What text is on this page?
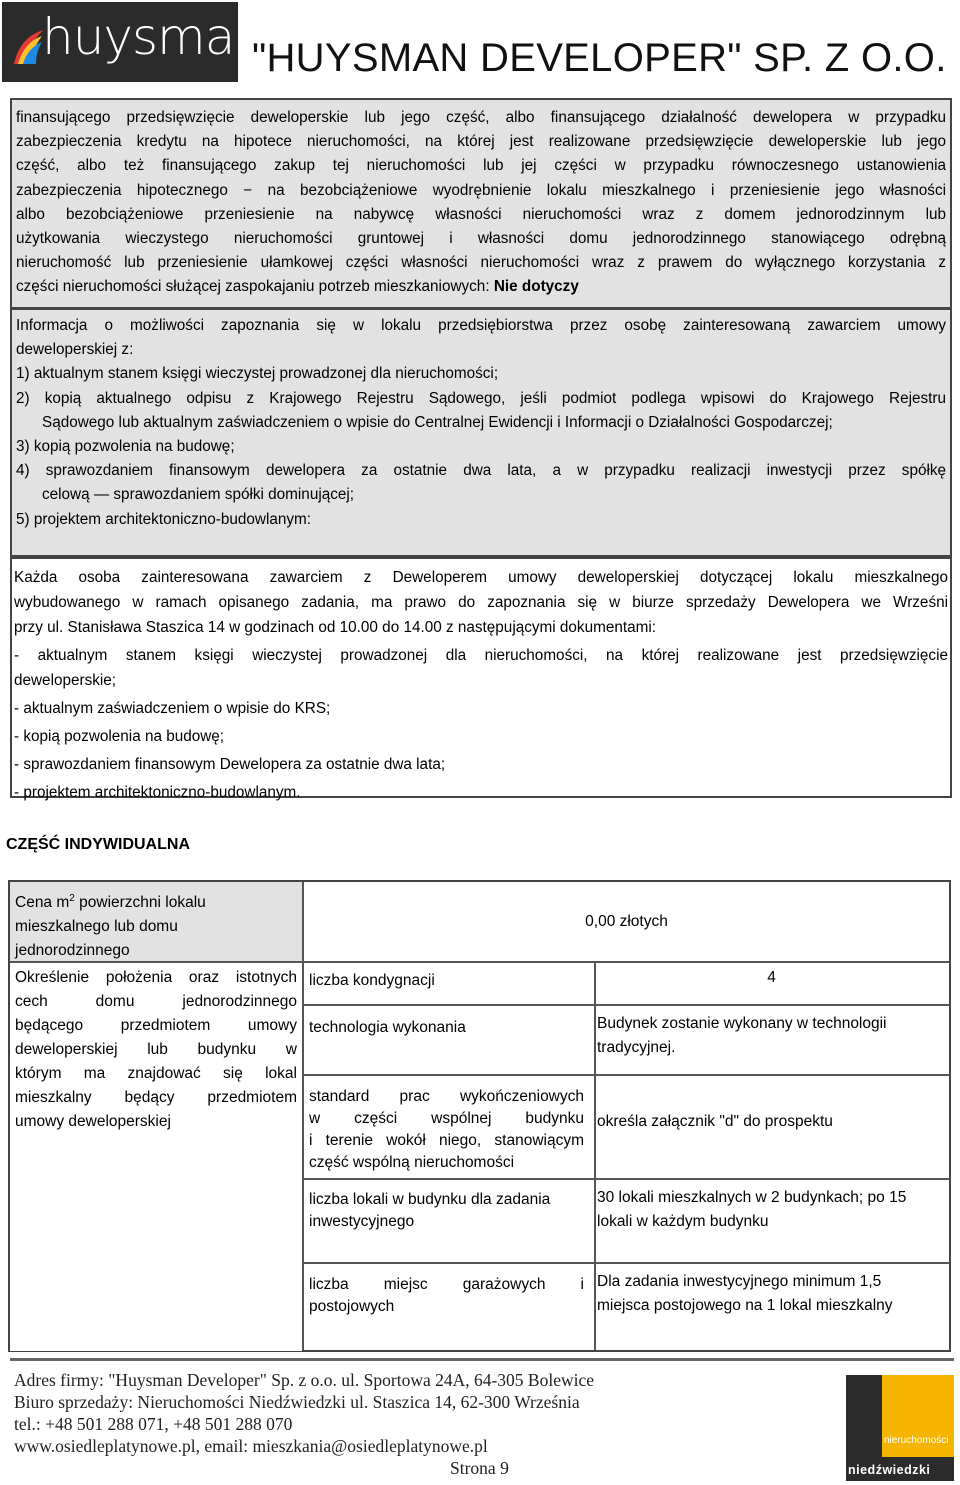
huysman
"HUYSMAN DEVELOPER" SP. Z O.O.
finansującego przedsięwzięcie deweloperskie lub jego część, albo finansującego działalność dewelopera w przypadku
zabezpieczenia kredytu na hipotece nieruchomości, na której jest realizowane przedsięwzięcie deweloperskie lub jego
część, albo też finansującego zakup tej nieruchomości lub jej części w przypadku równoczesnego ustanowienia
zabezpieczenia hipotecznego − na bezobciążeniowe wyodrębnienie lokalu mieszkalnego i przeniesienie jego własności
albo bezobciążeniowe przeniesienie na nabywcę własności nieruchomości wraz z domem jednorodzinnym lub
użytkowania wieczystego nieruchomości gruntowej i własności domu jednorodzinnego stanowiącego odrębną
nieruchomość lub przeniesienie ułamkowej części własności nieruchomości wraz z prawem do wyłącznego korzystania z
części nieruchomości służącej zaspokajaniu potrzeb mieszkaniowych: Nie dotyczy
Informacja o możliwości zapoznania się w lokalu przedsiębiorstwa przez osobę zainteresowaną zawarciem umowy
deweloperskiej z:
1) aktualnym stanem księgi wieczystej prowadzonej dla nieruchomości;
2) kopią aktualnego odpisu z Krajowego Rejestru Sądowego, jeśli podmiot podlega wpisowi do Krajowego Rejestru
Sądowego lub aktualnym zaświadczeniem o wpisie do Centralnej Ewidencji i Informacji o Działalności Gospodarczej;
3) kopią pozwolenia na budowę;
4) sprawozdaniem finansowym dewelopera za ostatnie dwa lata, a w przypadku realizacji inwestycji przez spółkę
celową — sprawozdaniem spółki dominującej;
5) projektem architektoniczno-budowlanym:
Każda osoba zainteresowana zawarciem z Deweloperem umowy deweloperskiej dotyczącej lokalu mieszkalnego
wybudowanego w ramach opisanego zadania, ma prawo do zapoznania się w biurze sprzedaży Dewelopera we Wrześni
przy ul. Stanisława Staszica 14 w godzinach od 10.00 do 14.00 z następującymi dokumentami:
- aktualnym stanem księgi wieczystej prowadzonej dla nieruchomości, na której realizowane jest przedsięwzięcie
deweloperskie;
- aktualnym zaświadczeniem o wpisie do KRS;
- kopią pozwolenia na budowę;
- sprawozdaniem finansowym Dewelopera za ostatnie dwa lata;
- projektem architektoniczno-budowlanym.
CZĘŚĆ INDYWIDUALNA
Cena $m^2$ powierzchni lokalu
mieszkalnego lub domu
jednorodzinnego
0,00 złotych
Określenie położenia oraz istotnych
cech domu jednorodzinnego
będącego przedmiotem umowy
deweloperskiej lub budynku w
którym ma znajdować się lokal
mieszkalny będący przedmiotem
umowy deweloperskiej
liczba kondygnacji	4
technologia wykonania	Budynek zostanie wykonany w technologii
tradycyjnej.
standard prac wykończeniowych
w części wspólnej budynku
i terenie wokół niego, stanowiącym
część wspólną nieruchomości
określa załącznik "d" do prospektu
liczba lokali w budynku dla zadania
inwestycyjnego
30 lokali mieszkalnych w 2 budynkach; po 15
lokali w każdym budynku
liczba miejsc garażowych i
postojowych
Dla zadania inwestycyjnego minimum 1,5
miejsca postojowego na 1 lokal mieszkalny
Adres firmy: "Huysman Developer" Sp. z o.o. ul. Sportowa 24A, 64-305 Bolewice
Biuro sprzedaży: Nieruchomości Niedźwiedzki ul. Staszica 14, 62-300 Września
tel.: +48 501 288 071, +48 501 288 070
www.osiedleplatynowe.pl, email: mieszkania@osiedleplatynowe.pl
Strona 9
nieruchomości
niedźwiedzki
